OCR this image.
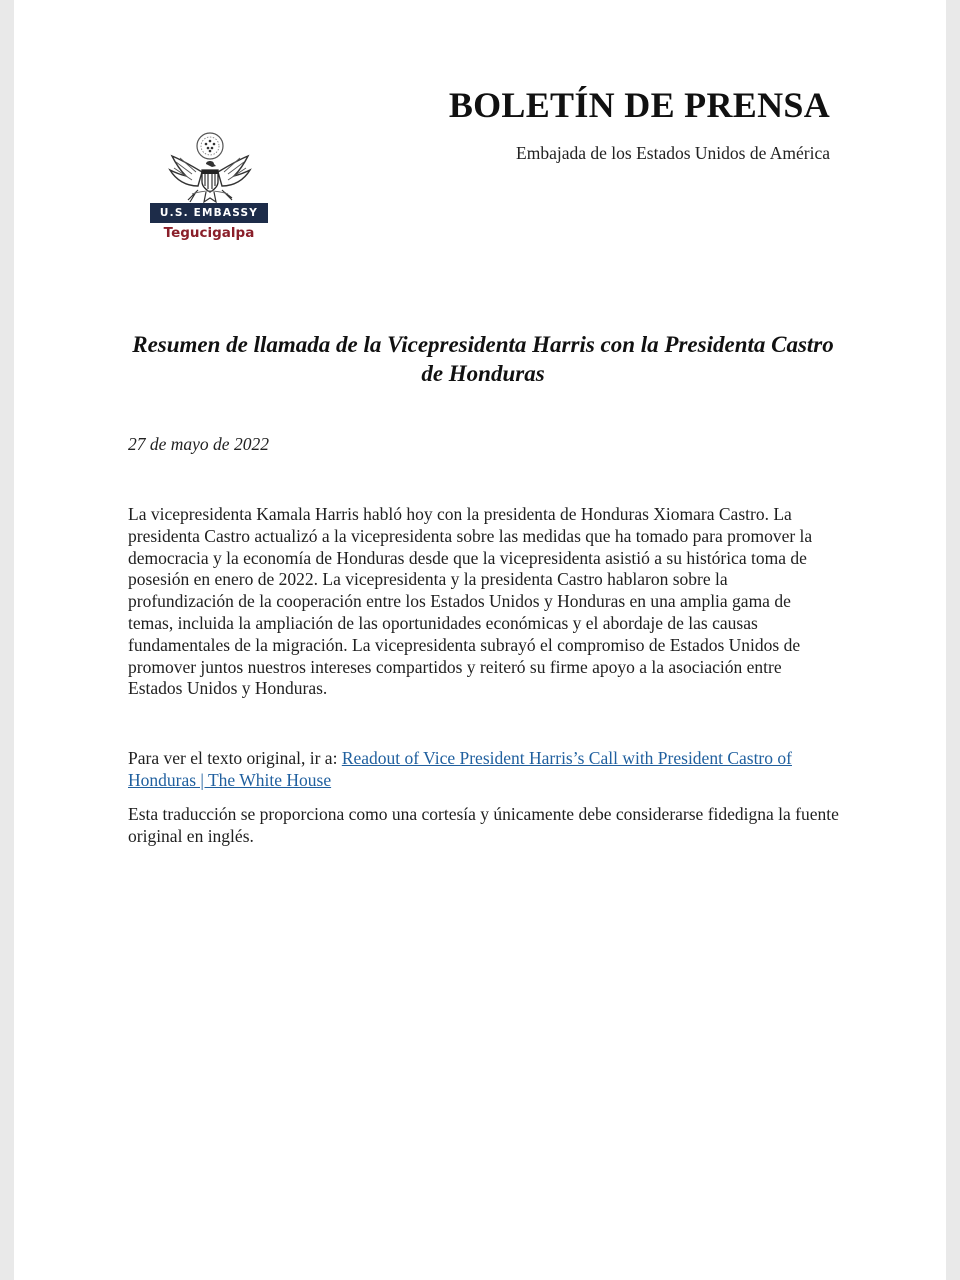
BOLETÍN DE PRENSA
Embajada de los Estados Unidos de América
U.S. EMBASSY
Tegucigalpa
Resumen de llamada de la Vicepresidenta Harris con la Presidenta Castro de Honduras
27 de mayo de 2022
La vicepresidenta Kamala Harris habló hoy con la presidenta de Honduras Xiomara Castro. La presidenta Castro actualizó a la vicepresidenta sobre las medidas que ha tomado para promover la democracia y la economía de Honduras desde que la vicepresidenta asistió a su histórica toma de posesión en enero de 2022. La vicepresidenta y la presidenta Castro hablaron sobre la profundización de la cooperación entre los Estados Unidos y Honduras en una amplia gama de temas, incluida la ampliación de las oportunidades económicas y el abordaje de las causas fundamentales de la migración. La vicepresidenta subrayó el compromiso de Estados Unidos de promover juntos nuestros intereses compartidos y reiteró su firme apoyo a la asociación entre Estados Unidos y Honduras.
Para ver el texto original, ir a: Readout of Vice President Harris’s Call with President Castro of Honduras | The White House
Esta traducción se proporciona como una cortesía y únicamente debe considerarse fidedigna la fuente original en inglés.
